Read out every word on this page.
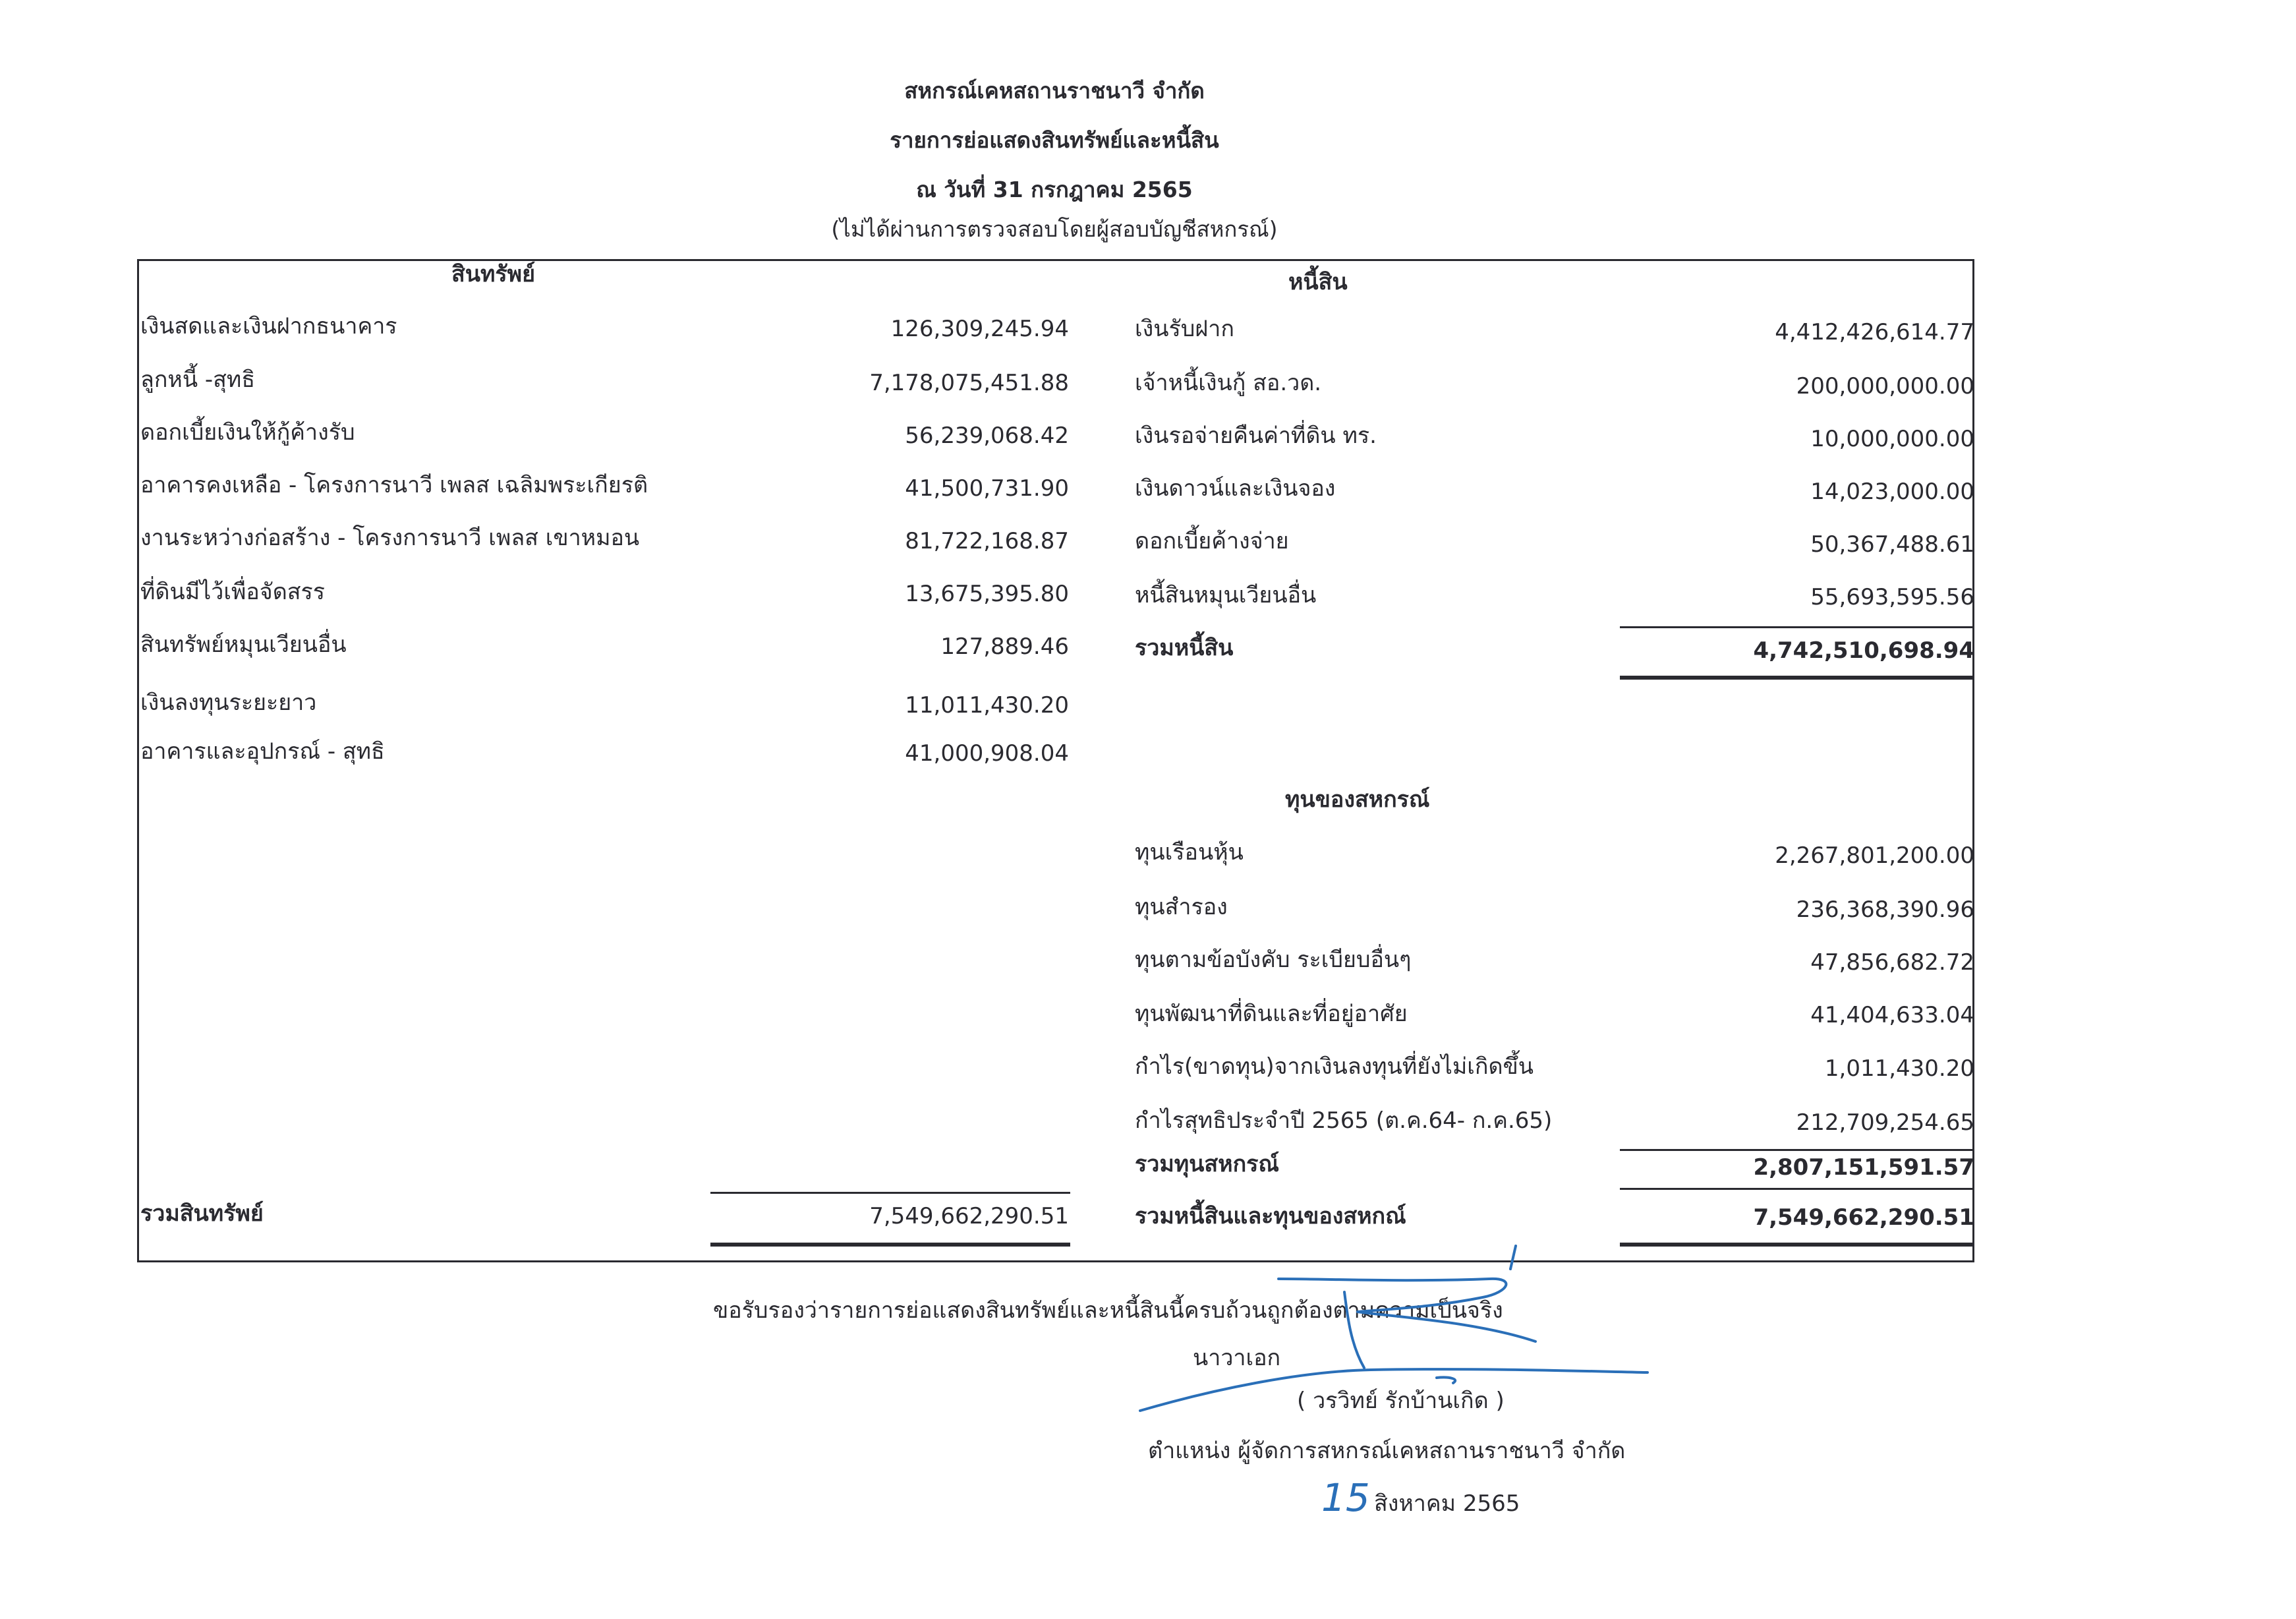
สหกรณ์เคหสถานราชนาวี จำกัด
รายการย่อแสดงสินทรัพย์และหนี้สิน
ณ วันที่ 31 กรกฎาคม 2565
(ไม่ได้ผ่านการตรวจสอบโดยผู้สอบบัญชีสหกรณ์)
สินทรัพย์	หนี้สิน
ทุนของสหกรณ์
เงินสดและเงินฝากธนาคาร	126,309,245.94
ลูกหนี้ -สุทธิ	7,178,075,451.88
ดอกเบี้ยเงินให้กู้ค้างรับ	56,239,068.42
อาคารคงเหลือ - โครงการนาวี เพลส เฉลิมพระเกียรติ	41,500,731.90
งานระหว่างก่อสร้าง - โครงการนาวี เพลส เขาหมอน	81,722,168.87
ที่ดินมีไว้เพื่อจัดสรร	13,675,395.80
สินทรัพย์หมุนเวียนอื่น	127,889.46
เงินลงทุนระยะยาว	11,011,430.20
อาคารและอุปกรณ์ - สุทธิ	41,000,908.04
รวมสินทรัพย์	7,549,662,290.51
เงินรับฝาก	4,412,426,614.77
เจ้าหนี้เงินกู้ สอ.วด.	200,000,000.00
เงินรอจ่ายคืนค่าที่ดิน ทร.	10,000,000.00
เงินดาวน์และเงินจอง	14,023,000.00
ดอกเบี้ยค้างจ่าย	50,367,488.61
หนี้สินหมุนเวียนอื่น	55,693,595.56
รวมหนี้สิน	4,742,510,698.94
ทุนเรือนหุ้น	2,267,801,200.00
ทุนสำรอง	236,368,390.96
ทุนตามข้อบังคับ ระเบียบอื่นๆ	47,856,682.72
ทุนพัฒนาที่ดินและที่อยู่อาศัย	41,404,633.04
กำไร(ขาดทุน)จากเงินลงทุนที่ยังไม่เกิดขึ้น	1,011,430.20
กำไรสุทธิประจำปี 2565 (ต.ค.64- ก.ค.65)	212,709,254.65
รวมทุนสหกรณ์	2,807,151,591.57
รวมหนี้สินและทุนของสหกณ์	7,549,662,290.51
ขอรับรองว่ารายการย่อแสดงสินทรัพย์และหนี้สินนี้ครบถ้วนถูกต้องตามความเป็นจริง
นาวาเอก
( วรวิทย์ รักบ้านเกิด )
ตำแหน่ง ผู้จัดการสหกรณ์เคหสถานราชนาวี จำกัด
สิงหาคม 2565
15
